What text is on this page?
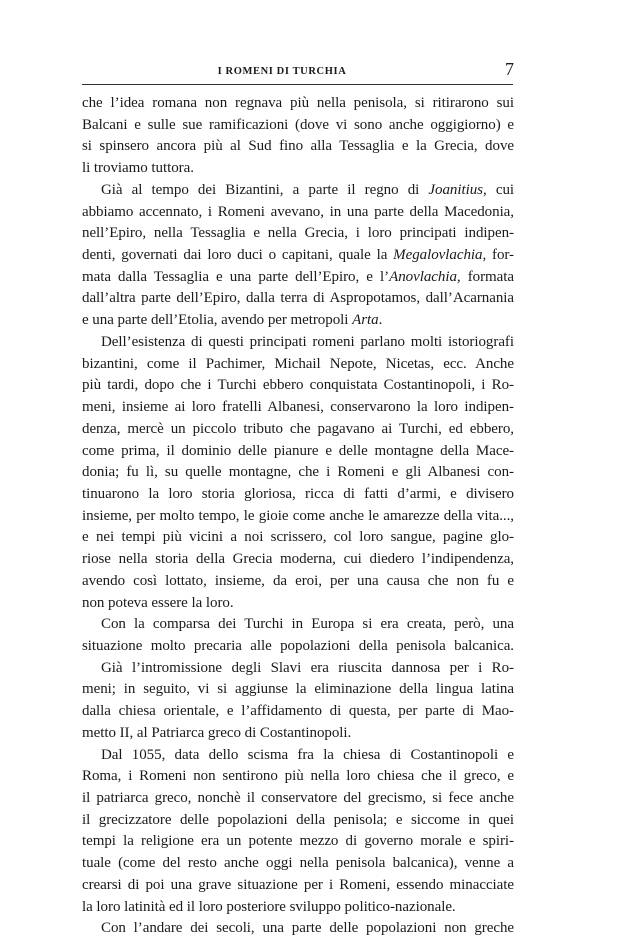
I ROMENI DI TURCHIA	7
che l’idea romana non regnava più nella penisola, si ritirarono sui
Balcani e sulle sue ramificazioni (dove vi sono anche oggigiorno) e
si spinsero ancora più al Sud fino alla Tessaglia e la Grecia, dove
li troviamo tuttora.
Già al tempo dei Bizantini, a parte il regno di Joanitius, cui
abbiamo accennato, i Romeni avevano, in una parte della Macedonia,
nell’Epiro, nella Tessaglia e nella Grecia, i loro principati indipen-
denti, governati dai loro duci o capitani, quale la Megalovlachia, for-
mata dalla Tessaglia e una parte dell’Epiro, e l’Anovlachia, formata
dall’altra parte dell’Epiro, dalla terra di Aspropotamos, dall’Acarnania
e una parte dell’Etolia, avendo per metropoli Arta.
Dell’esistenza di questi principati romeni parlano molti istoriografi
bizantini, come il Pachimer, Michail Nepote, Nicetas, ecc. Anche
più tardi, dopo che i Turchi ebbero conquistata Costantinopoli, i Ro-
meni, insieme ai loro fratelli Albanesi, conservarono la loro indipen-
denza, mercè un piccolo tributo che pagavano ai Turchi, ed ebbero,
come prima, il dominio delle pianure e delle montagne della Mace-
donia; fu lì, su quelle montagne, che i Romeni e gli Albanesi con-
tinuarono la loro storia gloriosa, ricca di fatti d’armi, e divisero
insieme, per molto tempo, le gioie come anche le amarezze della vita...,
e nei tempi più vicini a noi scrissero, col loro sangue, pagine glo-
riose nella storia della Grecia moderna, cui diedero l’indipendenza,
avendo così lottato, insieme, da eroi, per una causa che non fu e
non poteva essere la loro.
Con la comparsa dei Turchi in Europa si era creata, però, una
situazione molto precaria alle popolazioni della penisola balcanica.
Già l’intromissione degli Slavi era riuscita dannosa per i Ro-
meni; in seguito, vi si aggiunse la eliminazione della lingua latina
dalla chiesa orientale, e l’affidamento di questa, per parte di Mao-
metto II, al Patriarca greco di Costantinopoli.
Dal 1055, data dello scisma fra la chiesa di Costantinopoli e
Roma, i Romeni non sentirono più nella loro chiesa che il greco, e
il patriarca greco, nonchè il conservatore del grecismo, si fece anche
il grecizzatore delle popolazioni della penisola; e siccome in quei
tempi la religione era un potente mezzo di governo morale e spiri-
tuale (come del resto anche oggi nella penisola balcanica), venne a
crearsi di poi una grave situazione per i Romeni, essendo minacciate
la loro latinità ed il loro posteriore sviluppo politico-nazionale.
Con l’andare dei secoli, una parte delle popolazioni non greche
